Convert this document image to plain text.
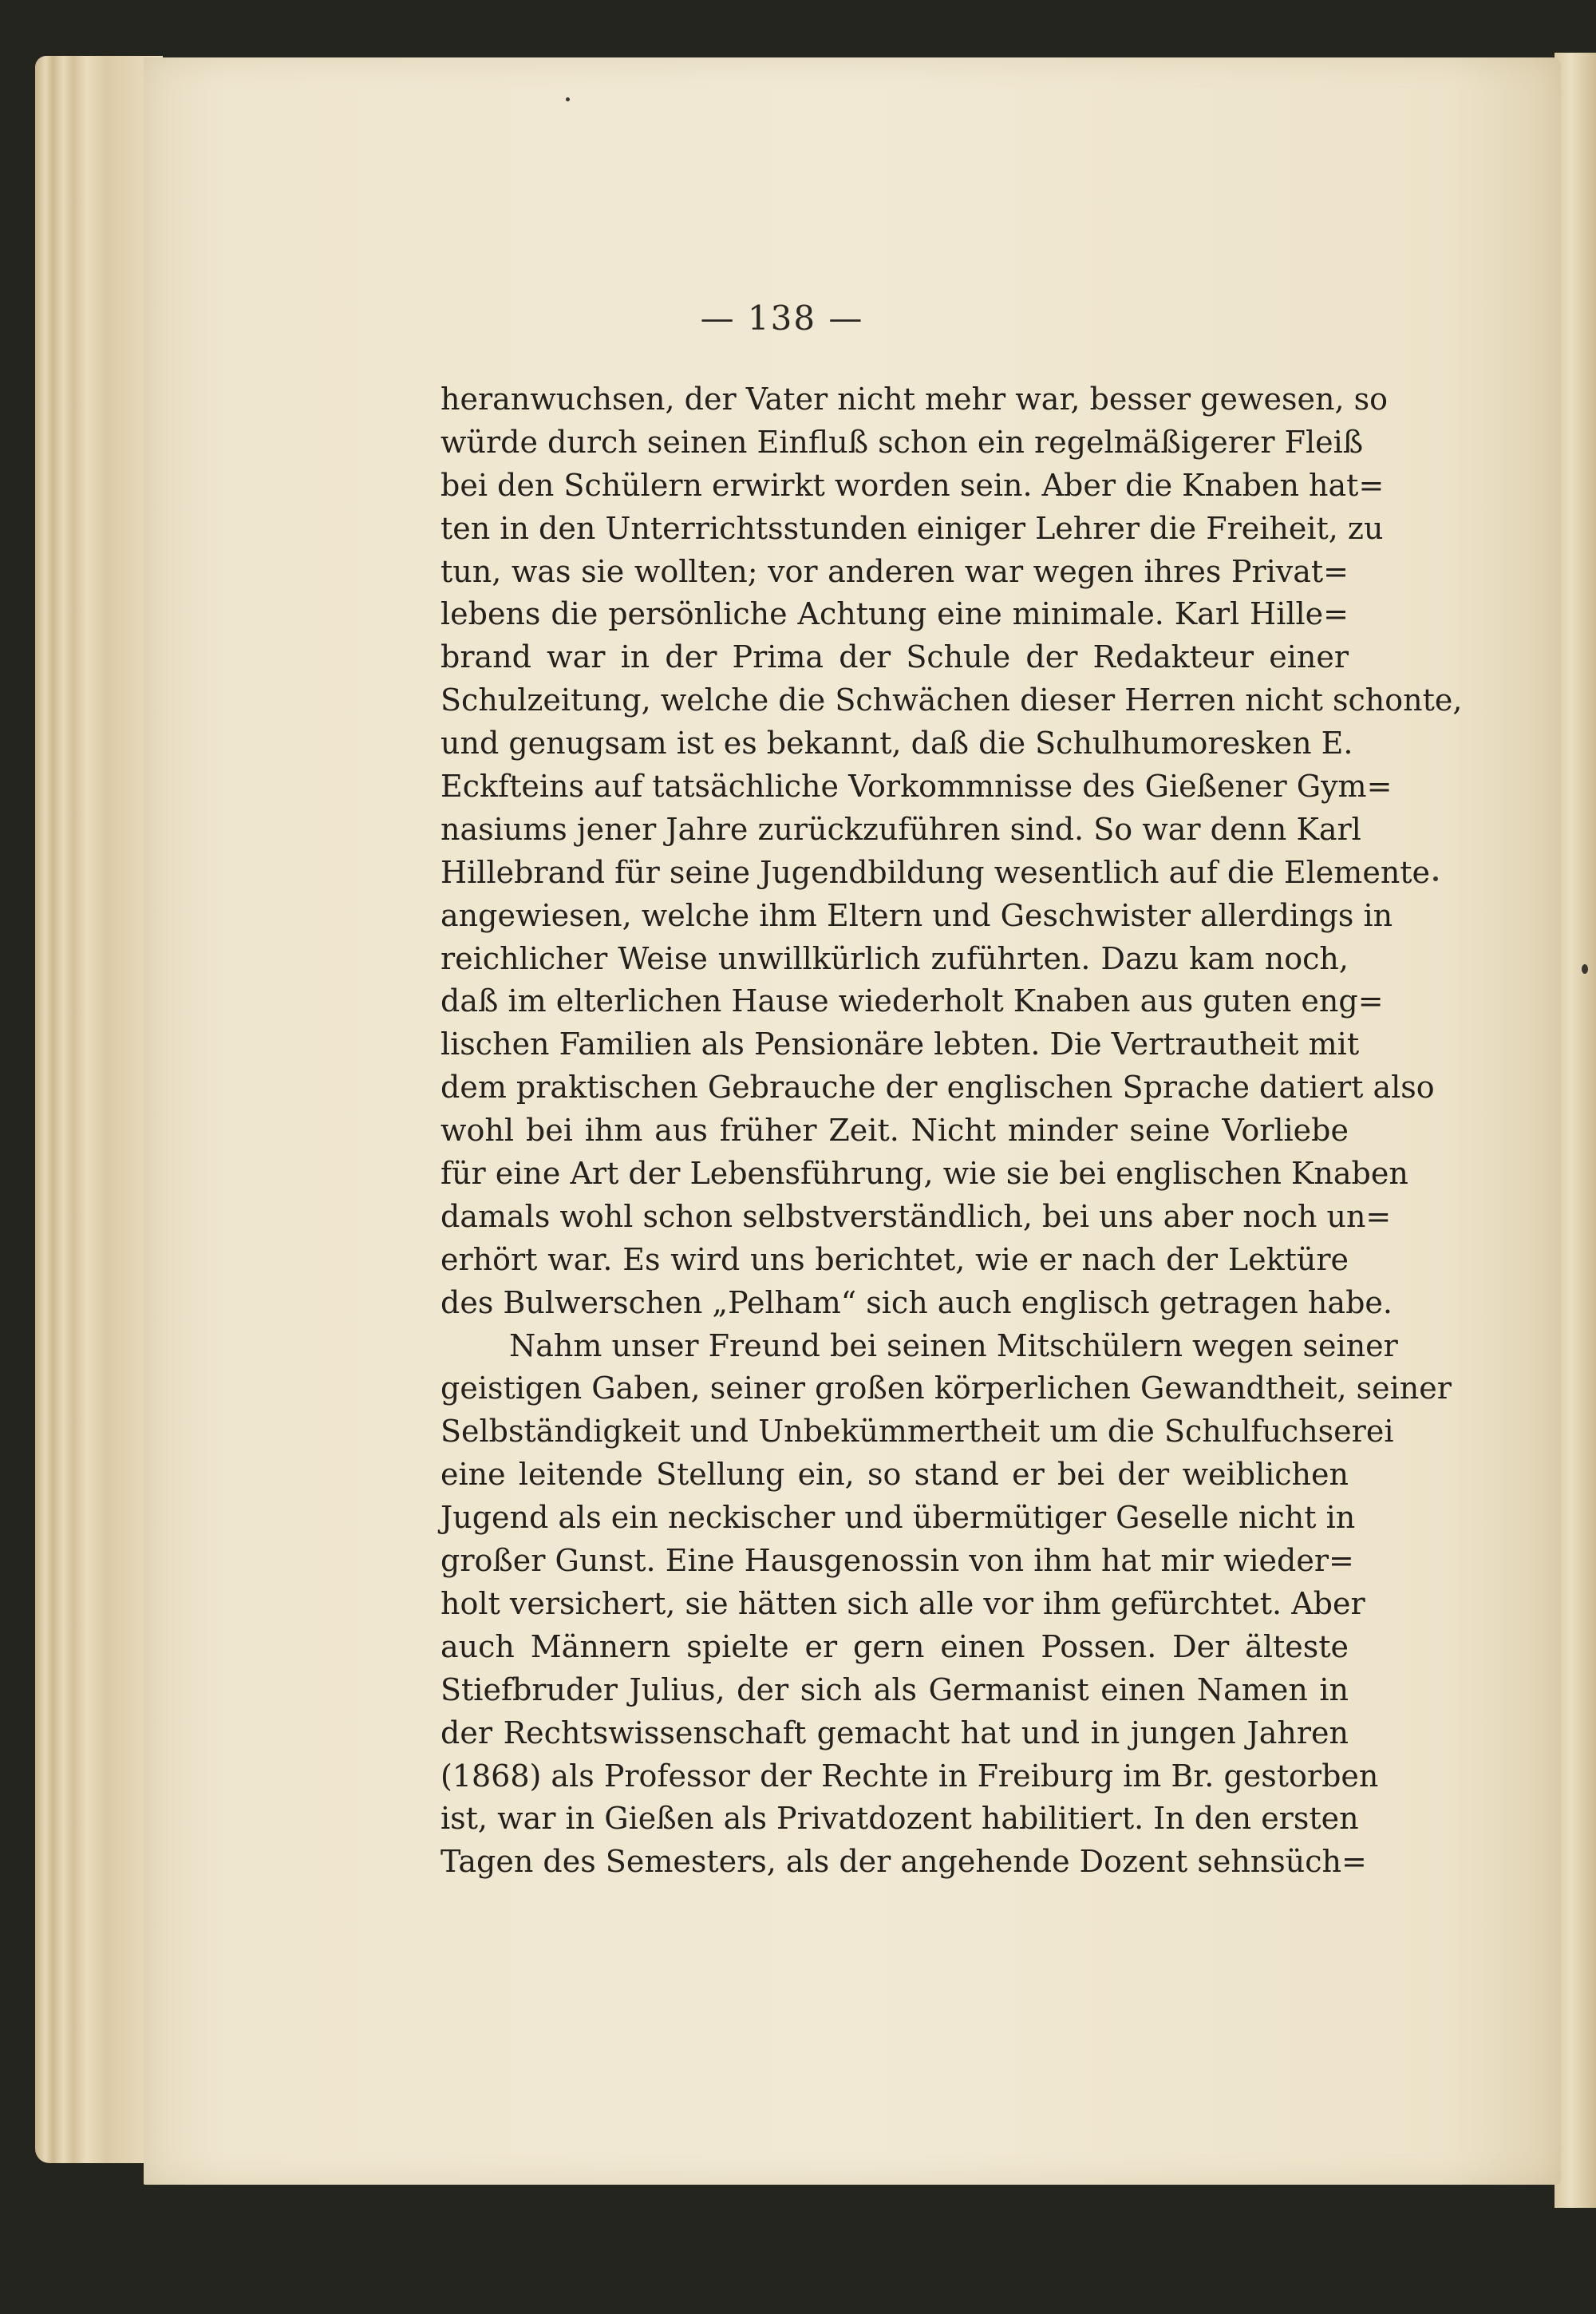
— 138 —
heranwuchsen, der Vater nicht mehr war, besser gewesen, so
würde durch seinen Einfluß schon ein regelmäßigerer Fleiß
bei den Schülern erwirkt worden sein. Aber die Knaben hat=
ten in den Unterrichtsstunden einiger Lehrer die Freiheit, zu
tun, was sie wollten; vor anderen war wegen ihres Privat=
lebens die persönliche Achtung eine minimale. Karl Hille=
brand war in der Prima der Schule der Redakteur einer
Schulzeitung, welche die Schwächen dieser Herren nicht schonte,
und genugsam ist es bekannt, daß die Schulhumoresken E.
Eckfteins auf tatsächliche Vorkommnisse des Gießener Gym=
nasiums jener Jahre zurückzuführen sind. So war denn Karl
Hillebrand für seine Jugendbildung wesentlich auf die Elemente
angewiesen, welche ihm Eltern und Geschwister allerdings in
reichlicher Weise unwillkürlich zuführten. Dazu kam noch,
daß im elterlichen Hause wiederholt Knaben aus guten eng=
lischen Familien als Pensionäre lebten. Die Vertrautheit mit
dem praktischen Gebrauche der englischen Sprache datiert also
wohl bei ihm aus früher Zeit. Nicht minder seine Vorliebe
für eine Art der Lebensführung, wie sie bei englischen Knaben
damals wohl schon selbstverständlich, bei uns aber noch un=
erhört war. Es wird uns berichtet, wie er nach der Lektüre
des Bulwerschen „Pelham“ sich auch englisch getragen habe.
Nahm unser Freund bei seinen Mitschülern wegen seiner
geistigen Gaben, seiner großen körperlichen Gewandtheit, seiner
Selbständigkeit und Unbekümmertheit um die Schulfuchserei
eine leitende Stellung ein, so stand er bei der weiblichen
Jugend als ein neckischer und übermütiger Geselle nicht in
großer Gunst. Eine Hausgenossin von ihm hat mir wieder=
holt versichert, sie hätten sich alle vor ihm gefürchtet. Aber
auch Männern spielte er gern einen Possen. Der älteste
Stiefbruder Julius, der sich als Germanist einen Namen in
der Rechtswissenschaft gemacht hat und in jungen Jahren
(1868) als Professor der Rechte in Freiburg im Br. gestorben
ist, war in Gießen als Privatdozent habilitiert. In den ersten
Tagen des Semesters, als der angehende Dozent sehnsüch=
